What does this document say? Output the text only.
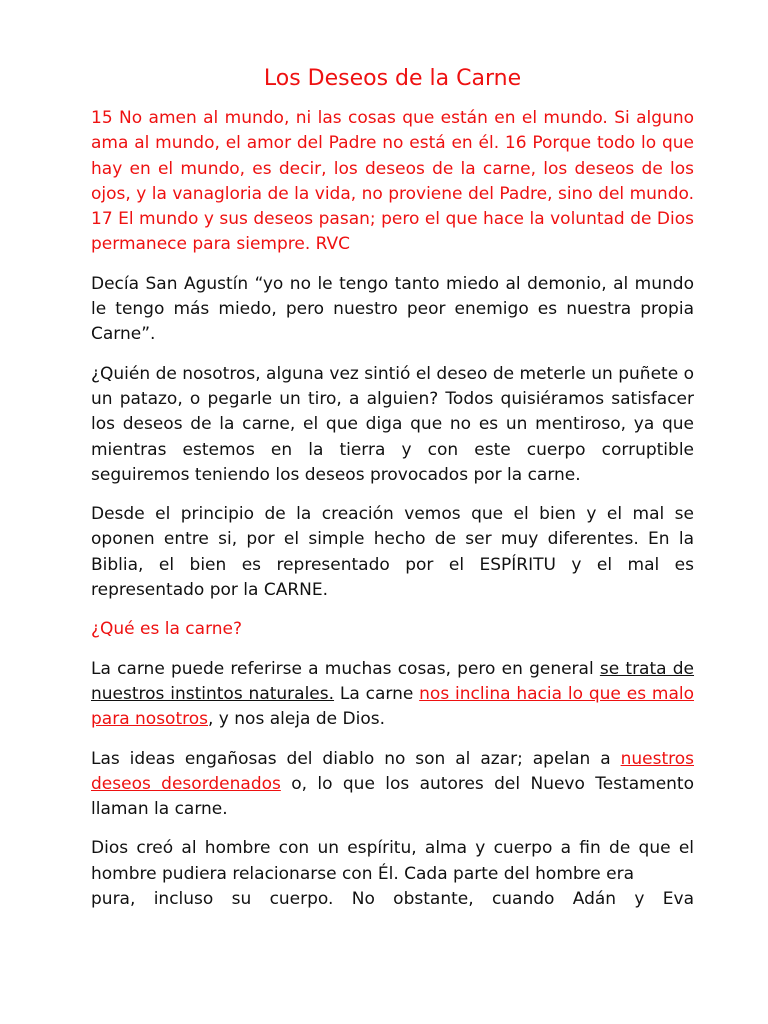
Los Deseos de la Carne

15 No amen al mundo, ni las cosas que están en el mundo. Si alguno ama al mundo, el amor del Padre no está en él. 16 Porque todo lo que hay en el mundo, es decir, los deseos de la carne, los deseos de los ojos, y la vanagloria de la vida, no proviene del Padre, sino del mundo. 17 El mundo y sus deseos pasan; pero el que hace la voluntad de Dios permanece para siempre. RVC

Decía San Agustín “yo no le tengo tanto miedo al demonio, al mundo le tengo más miedo, pero nuestro peor enemigo es nuestra propia Carne”.

¿Quién de nosotros, alguna vez sintió el deseo de meterle un puñete o un patazo, o pegarle un tiro, a alguien? Todos quisiéramos satisfacer los deseos de la carne, el que diga que no es un mentiroso, ya que mientras estemos en la tierra y con este cuerpo corruptible seguiremos teniendo los deseos provocados por la carne.

Desde el principio de la creación vemos que el bien y el mal se oponen entre si, por el simple hecho de ser muy diferentes. En la Biblia, el bien es representado por el ESPÍRITU y el mal es representado por la CARNE.

¿Qué es la carne?

La carne puede referirse a muchas cosas, pero en general se trata de nuestros instintos naturales. La carne nos inclina hacia lo que es malo para nosotros, y nos aleja de Dios.

Las ideas engañosas del diablo no son al azar; apelan a nuestros deseos desordenados o, lo que los autores del Nuevo Testamento llaman la carne.

Dios creó al hombre con un espíritu, alma y cuerpo a fin de que el hombre pudiera relacionarse con Él. Cada parte del hombre era
pura, incluso su cuerpo. No obstante, cuando Adán y Eva
